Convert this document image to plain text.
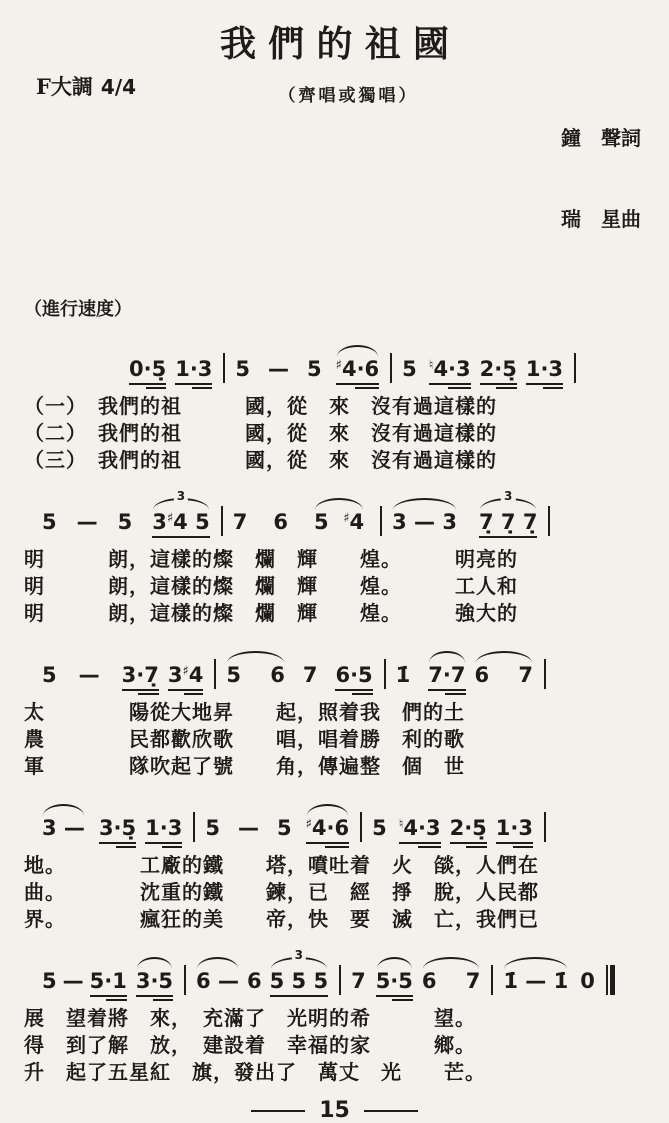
我們的祖國
F大調 4/4	（齊唱或獨唱）

鐘　聲詞

瑞　星曲

（進行速度）
0·5̣ 1·3 5 — 5 ♯4·6 5 ♮4·3 2·5̣ 1·3
（一）　我們的祖　　　國，從　來　沒有過這樣的
（二）　我們的祖　　　國，從　來　沒有過這樣的
（三）　我們的祖　　　國，從　來　沒有過這樣的
5 — 5
3
3♯4 5 7 6 5  ♯4 3 — 3
3
7̣ 7̣ 7̣
明　　　朗，這樣的燦　爛　輝　　煌。　　　明亮的
明　　　朗，這樣的燦　爛　輝　　煌。　　　工人和
明　　　朗，這樣的燦　爛　輝　　煌。　　　強大的
5 — 3·7̣ 3♯4 5    6 7 6·5 1̇ 7·7 6    7
太　　　　陽從大地昇　　起，照着我　們的土
農　　　　民都歡欣歌　　唱，唱着勝　利的歌
軍　　　　隊吹起了號　　角，傳遍整　個　世
3 — 3·5̣ 1·3 5 — 5 ♯4·6 5 ♮4·3 2·5̣ 1·3
地。　　　　工廠的鐵　　塔，噴吐着　火　燄，人們在
曲。　　　　沈重的鐵　　鍊，已　經　掙　脫，人民都
界。　　　　瘋狂的美　　帝，快　要　滅　亡，我們已
5 — 5·1 3·5 6 — 6
3
5 5 5 7 5·5 6    7 1̇ — 1̇ 0
展　望着將　來，　充滿了　光明的希　　　望。
得　到了解　放，　建設着　幸福的家　　　鄉。
升　起了五星紅　旗，發出了　萬丈　光　　芒。
15
